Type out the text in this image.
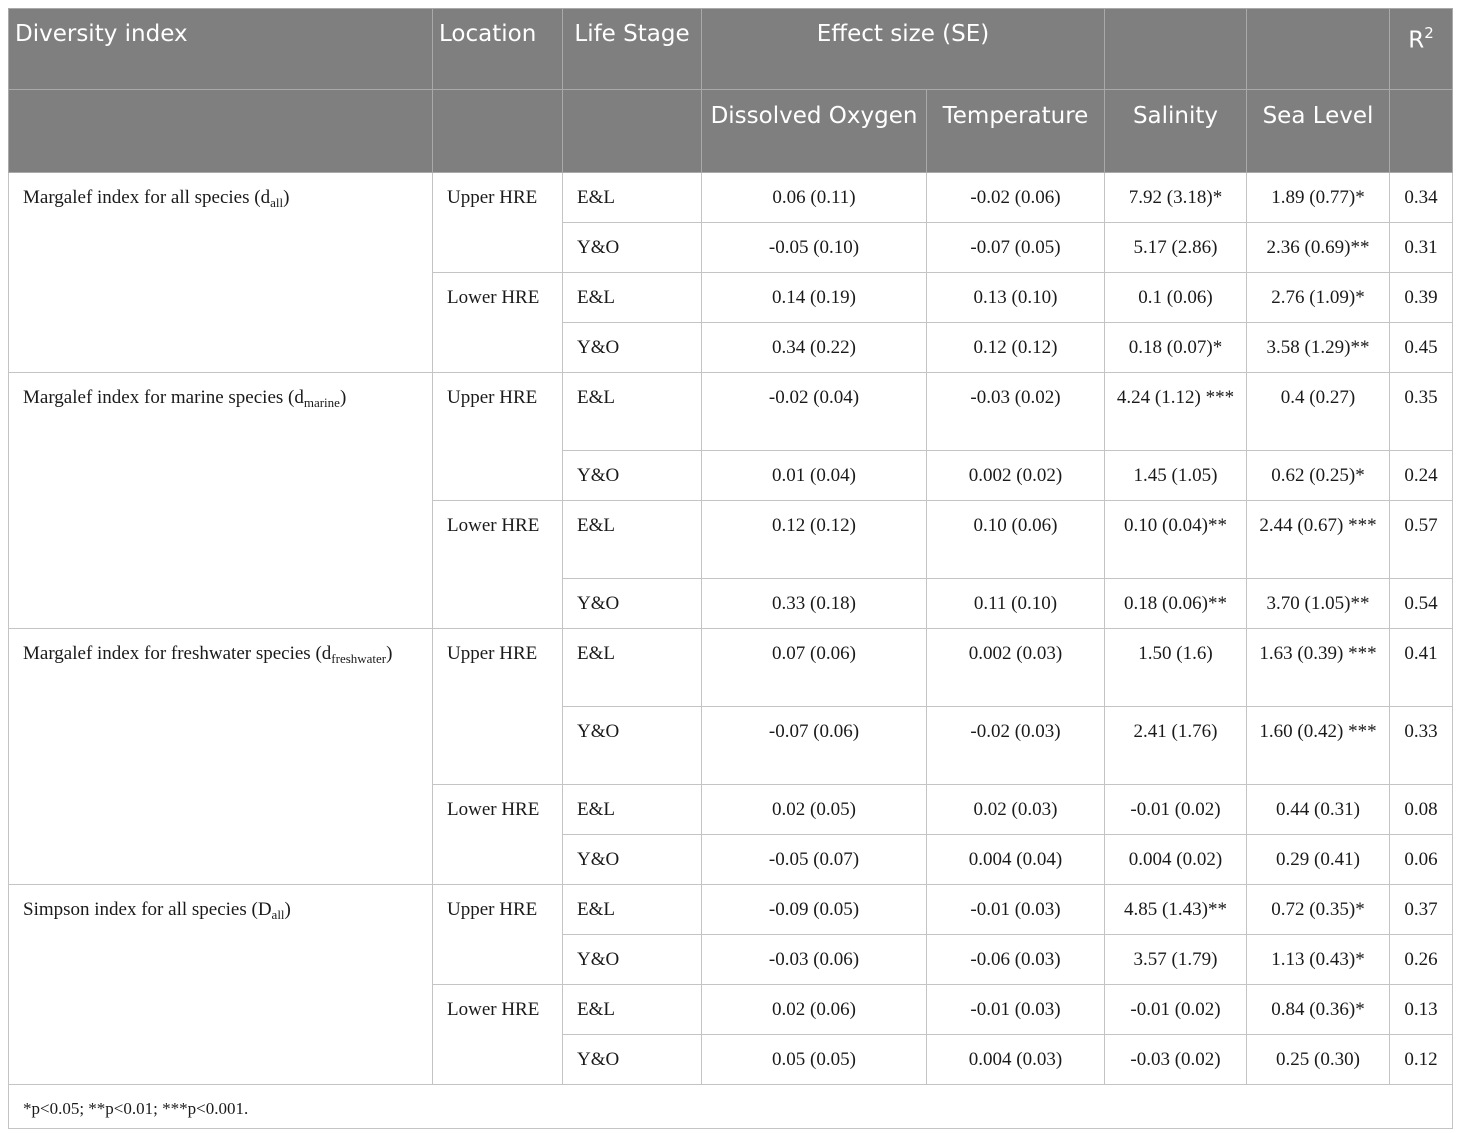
Diversity index	Location	Life Stage	Effect size (SE)				$R^2$
			Dissolved Oxygen	Temperature	Salinity	Sea Level	
Margalef index for all species $(d_{all})$	Upper HRE	E&L	0.06 (0.11)	-0.02 (0.06)	7.92 (3.18)*	1.89 (0.77)*	0.34
		Y&O	-0.05 (0.10)	-0.07 (0.05)	5.17 (2.86)	2.36 (0.69)**	0.31
	Lower HRE	E&L	0.14 (0.19)	0.13 (0.10)	0.1 (0.06)	2.76 (1.09)*	0.39
		Y&O	0.34 (0.22)	0.12 (0.12)	0.18 (0.07)*	3.58 (1.29)**	0.45
Margalef index for marine species $(d_{marine})$	Upper HRE	E&L	-0.02 (0.04)	-0.03 (0.02)	4.24 (1.12) ***	0.4 (0.27)	0.35
		Y&O	0.01 (0.04)	0.002 (0.02)	1.45 (1.05)	0.62 (0.25)*	0.24
	Lower HRE	E&L	0.12 (0.12)	0.10 (0.06)	0.10 (0.04)**	2.44 (0.67) ***	0.57
		Y&O	0.33 (0.18)	0.11 (0.10)	0.18 (0.06)**	3.70 (1.05)**	0.54
Margalef index for freshwater species $(d_{freshwater})$	Upper HRE	E&L	0.07 (0.06)	0.002 (0.03)	1.50 (1.6)	1.63 (0.39) ***	0.41
		Y&O	-0.07 (0.06)	-0.02 (0.03)	2.41 (1.76)	1.60 (0.42) ***	0.33
	Lower HRE	E&L	0.02 (0.05)	0.02 (0.03)	-0.01 (0.02)	0.44 (0.31)	0.08
		Y&O	-0.05 (0.07)	0.004 (0.04)	0.004 (0.02)	0.29 (0.41)	0.06
Simpson index for all species $(D_{all})$	Upper HRE	E&L	-0.09 (0.05)	-0.01 (0.03)	4.85 (1.43)**	0.72 (0.35)*	0.37
		Y&O	-0.03 (0.06)	-0.06 (0.03)	3.57 (1.79)	1.13 (0.43)*	0.26
	Lower HRE	E&L	0.02 (0.06)	-0.01 (0.03)	-0.01 (0.02)	0.84 (0.36)*	0.13
		Y&O	0.05 (0.05)	0.004 (0.03)	-0.03 (0.02)	0.25 (0.30)	0.12
*p<0.05; **p<0.01; ***p<0.001.							
